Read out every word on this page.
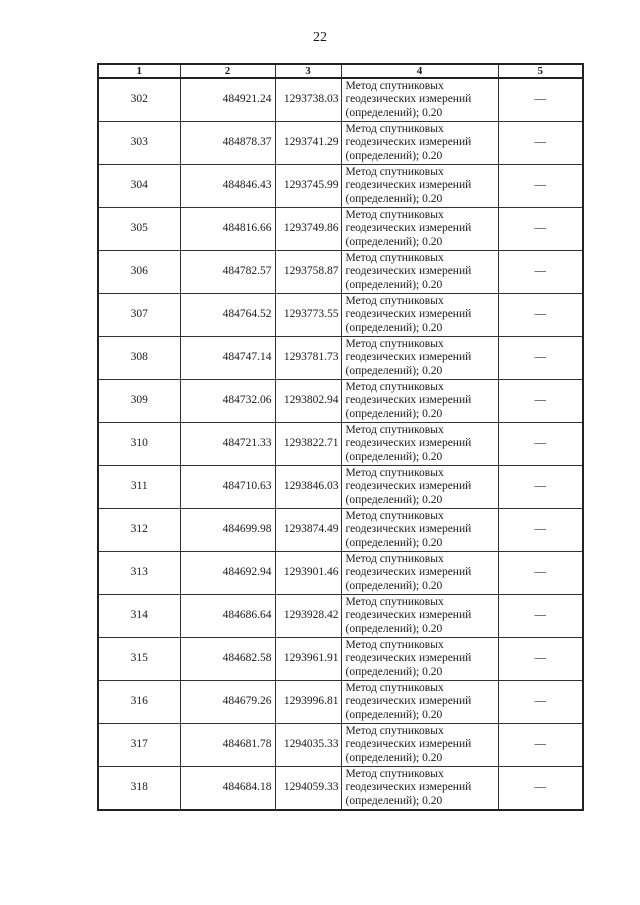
22
1	2	3	4	5
302	484921.24	1293738.03	Метод спутниковых геодезических измерений (определений); 0.20	—
303	484878.37	1293741.29	Метод спутниковых геодезических измерений (определений); 0.20	—
304	484846.43	1293745.99	Метод спутниковых геодезических измерений (определений); 0.20	—
305	484816.66	1293749.86	Метод спутниковых геодезических измерений (определений); 0.20	—
306	484782.57	1293758.87	Метод спутниковых геодезических измерений (определений); 0.20	—
307	484764.52	1293773.55	Метод спутниковых геодезических измерений (определений); 0.20	—
308	484747.14	1293781.73	Метод спутниковых геодезических измерений (определений); 0.20	—
309	484732.06	1293802.94	Метод спутниковых геодезических измерений (определений); 0.20	—
310	484721.33	1293822.71	Метод спутниковых геодезических измерений (определений); 0.20	—
311	484710.63	1293846.03	Метод спутниковых геодезических измерений (определений); 0.20	—
312	484699.98	1293874.49	Метод спутниковых геодезических измерений (определений); 0.20	—
313	484692.94	1293901.46	Метод спутниковых геодезических измерений (определений); 0.20	—
314	484686.64	1293928.42	Метод спутниковых геодезических измерений (определений); 0.20	—
315	484682.58	1293961.91	Метод спутниковых геодезических измерений (определений); 0.20	—
316	484679.26	1293996.81	Метод спутниковых геодезических измерений (определений); 0.20	—
317	484681.78	1294035.33	Метод спутниковых геодезических измерений (определений); 0.20	—
318	484684.18	1294059.33	Метод спутниковых геодезических измерений (определений); 0.20	—
